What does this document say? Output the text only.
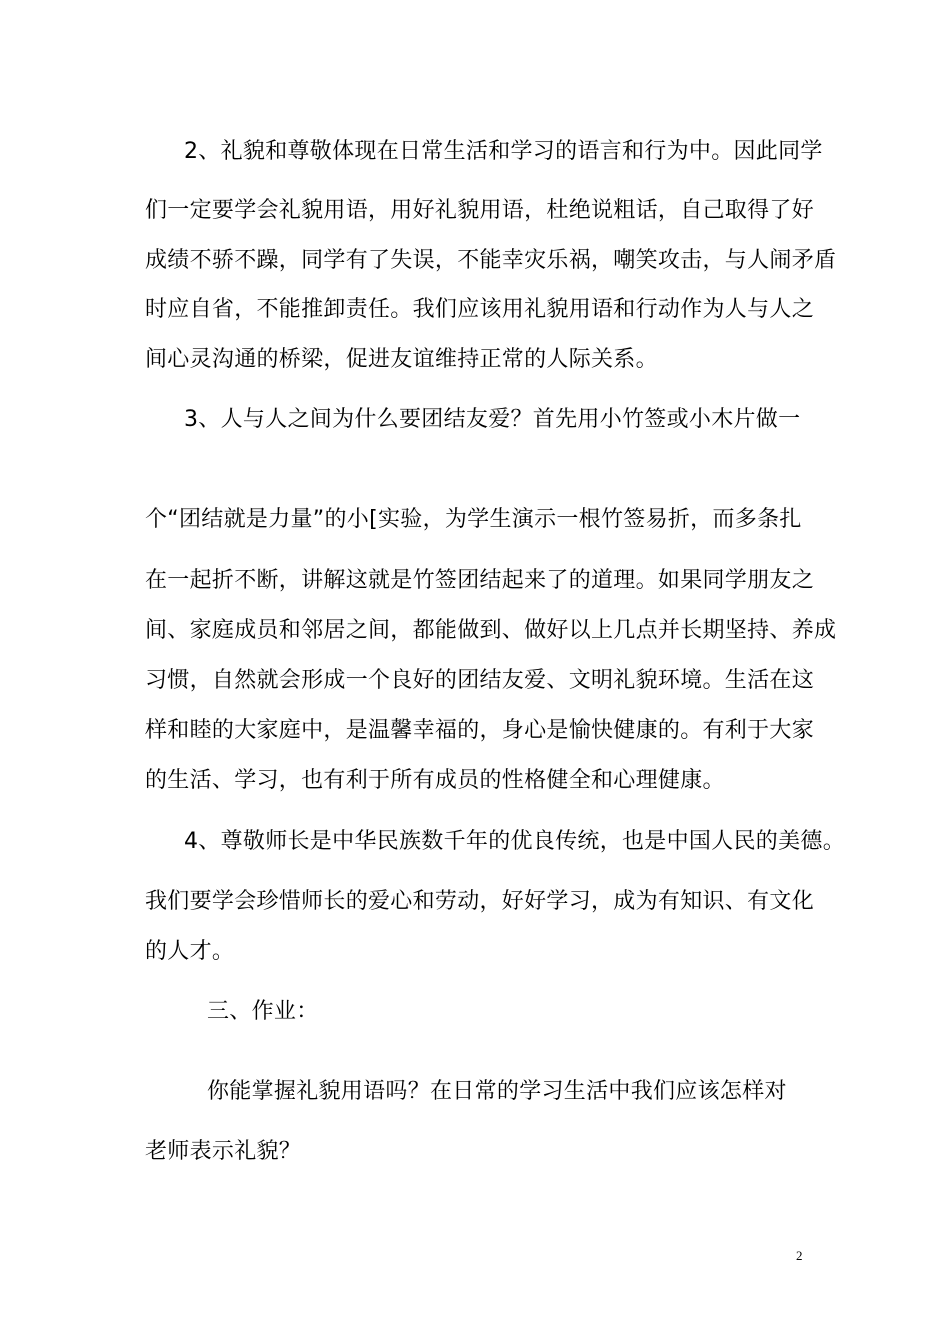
2、礼貌和尊敬体现在日常生活和学习的语言和行为中。因此同学
们一定要学会礼貌用语，用好礼貌用语，杜绝说粗话，自己取得了好
成绩不骄不躁，同学有了失误，不能幸灾乐祸，嘲笑攻击，与人闹矛盾
时应自省，不能推卸责任。我们应该用礼貌用语和行动作为人与人之
间心灵沟通的桥梁，促进友谊维持正常的人际关系。
3、人与人之间为什么要团结友爱？首先用小竹签或小木片做一
个“团结就是力量”的小[实验，为学生演示一根竹签易折，而多条扎
在一起折不断，讲解这就是竹签团结起来了的道理。如果同学朋友之
间、家庭成员和邻居之间，都能做到、做好以上几点并长期坚持、养成
习惯，自然就会形成一个良好的团结友爱、文明礼貌环境。生活在这
样和睦的大家庭中，是温馨幸福的，身心是愉快健康的。有利于大家
的生活、学习，也有利于所有成员的性格健全和心理健康。
4、尊敬师长是中华民族数千年的优良传统，也是中国人民的美德。
我们要学会珍惜师长的爱心和劳动，好好学习，成为有知识、有文化
的人才。
三、作业：
你能掌握礼貌用语吗？在日常的学习生活中我们应该怎样对
老师表示礼貌？
2
